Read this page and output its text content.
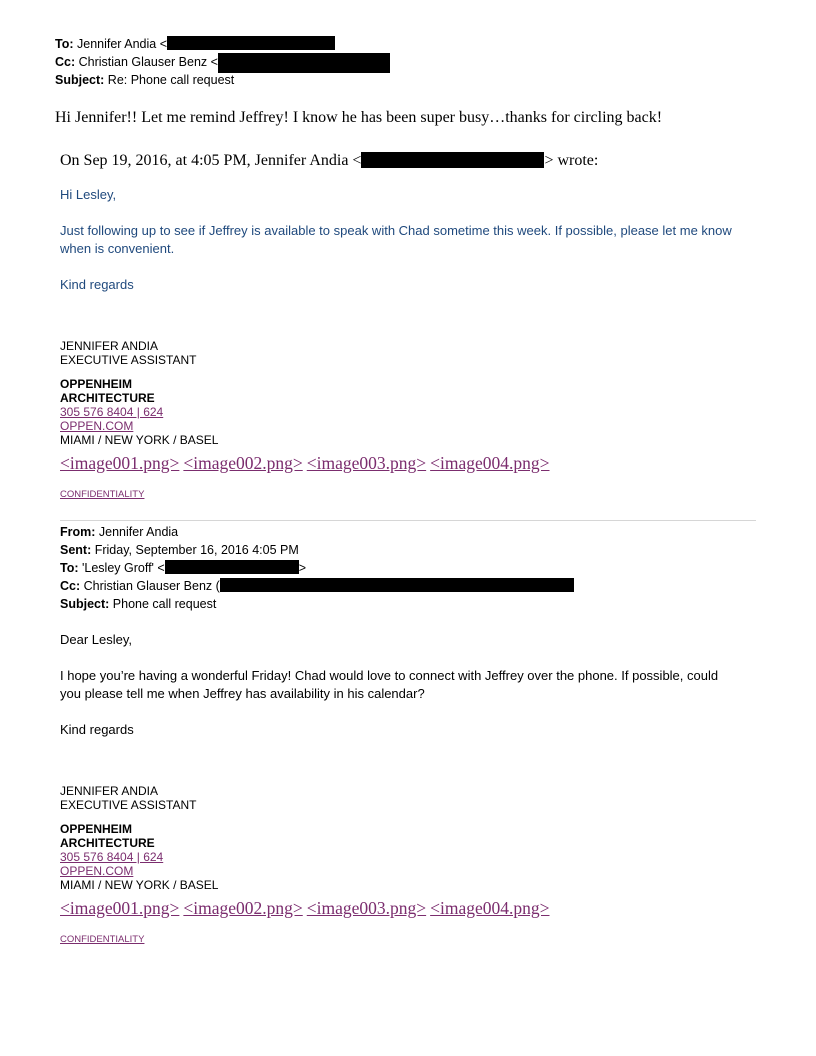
To: Jennifer Andia <
Cc: Christian Glauser Benz <
Subject: Re: Phone call request
Hi Jennifer!! Let me remind Jeffrey! I know he has been super busy…thanks for circling back!
On Sep 19, 2016, at 4:05 PM, Jennifer Andia <	> wrote:
Hi Lesley,
Just following up to see if Jeffrey is available to speak with Chad sometime this week. If possible, please let me know
when is convenient.
Kind regards
JENNIFER ANDIA
EXECUTIVE ASSISTANT
OPPENHEIM
ARCHITECTURE
305 576 8404 | 624
OPPEN.COM
MIAMI / NEW YORK / BASEL
<image001.png> <image002.png> <image003.png> <image004.png>
CONFIDENTIALITY
From: Jennifer Andia
Sent: Friday, September 16, 2016 4:05 PM
To: 'Lesley Groff' <	>
Cc: Christian Glauser Benz (
Subject: Phone call request
Dear Lesley,
I hope you’re having a wonderful Friday! Chad would love to connect with Jeffrey over the phone. If possible, could
you please tell me when Jeffrey has availability in his calendar?
Kind regards
JENNIFER ANDIA
EXECUTIVE ASSISTANT
OPPENHEIM
ARCHITECTURE
305 576 8404 | 624
OPPEN.COM
MIAMI / NEW YORK / BASEL
<image001.png> <image002.png> <image003.png> <image004.png>
CONFIDENTIALITY
